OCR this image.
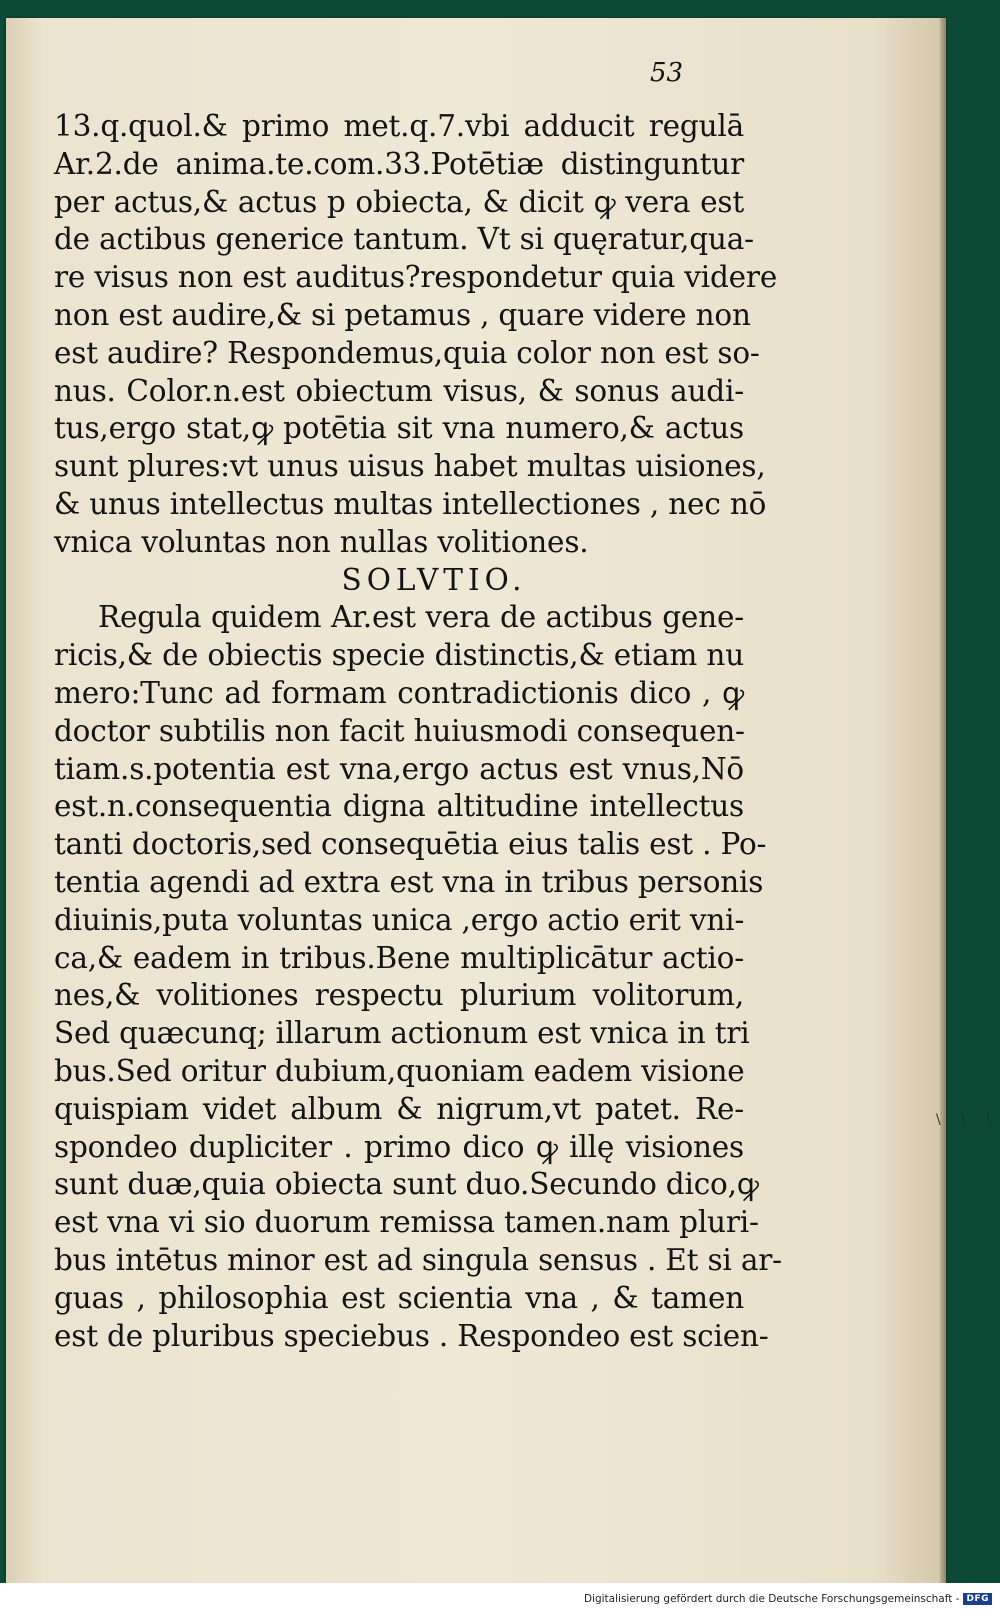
53
13.q.quol.& primo met.q.7.vbi adducit regulā
Ar.2.de anima.te.com.33.Potētiæ distinguntur
per actus,& actus p obiecta, & dicit ꝙ vera est
de actibus generice tantum. Vt si quęratur,qua-
re visus non est auditus?respondetur quia videre
non est audire,& si petamus , quare videre non
est audire? Respondemus,quia color non est so-
nus. Color.n.est obiectum visus, & sonus audi-
tus,ergo stat,ꝙ potētia sit vna numero,& actus
sunt plures:vt unus uisus habet multas uisiones,
& unus intellectus multas intellectiones , nec nō
vnica voluntas non nullas volitiones.
SOLVTIO.
Regula quidem Ar.est vera de actibus gene-
ricis,& de obiectis specie distinctis,& etiam nu
mero:Tunc ad formam contradictionis dico , ꝙ
doctor subtilis non facit huiusmodi consequen-
tiam.s.potentia est vna,ergo actus est vnus,Nō
est.n.consequentia digna altitudine intellectus
tanti doctoris,sed consequētia eius talis est . Po-
tentia agendi ad extra est vna in tribus personis
diuinis,puta voluntas unica ,ergo actio erit vni-
ca,& eadem in tribus.Bene multiplicātur actio-
nes,& volitiones respectu plurium volitorum,
Sed quæcunq; illarum actionum est vnica in tri
bus.Sed oritur dubium,quoniam eadem visione
quispiam videt album & nigrum,vt patet. Re-
spondeo dupliciter . primo dico ꝙ illę visiones
sunt duæ,quia obiecta sunt duo.Secundo dico,ꝙ
est vna vi sio duorum remissa tamen.nam pluri-
bus intētus minor est ad singula sensus . Et si ar-
guas , philosophia est scientia vna , & tamen
est de pluribus speciebus . Respondeo est scien-
\ \ \
Digitalisierung gefördert durch die Deutsche Forschungsgemeinschaft - DFG
